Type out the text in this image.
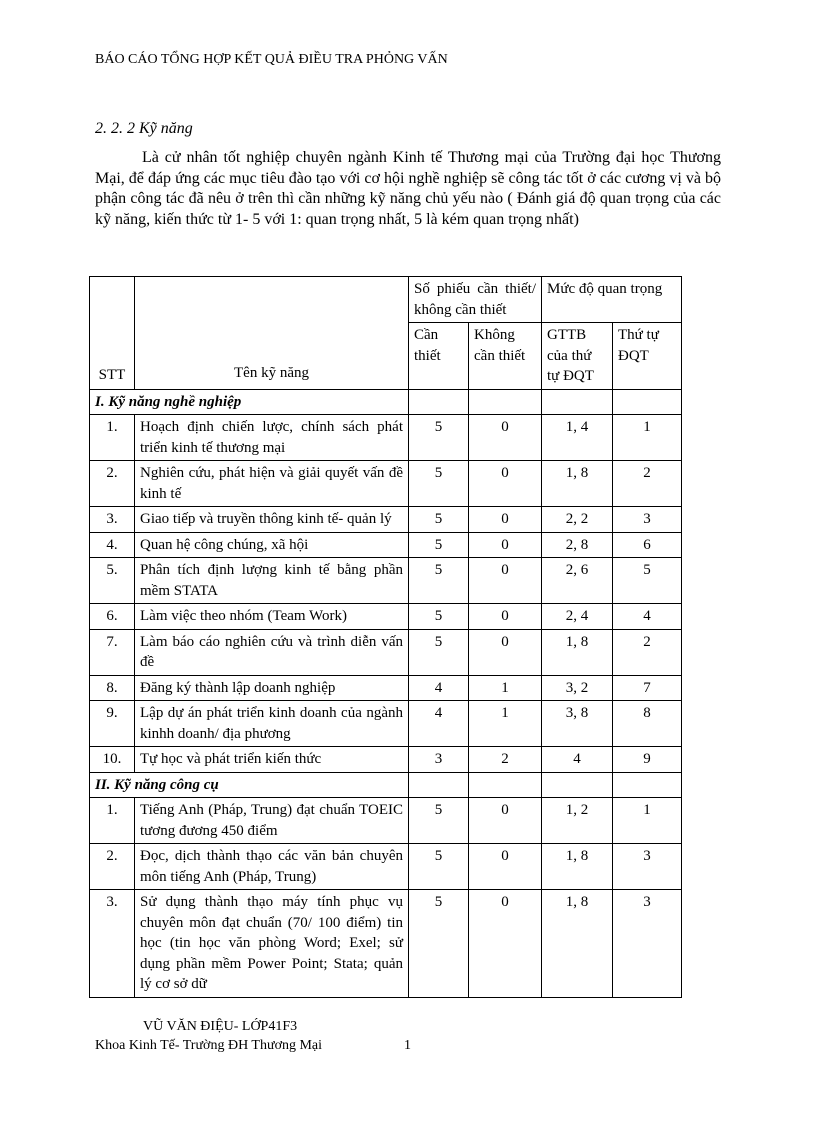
BÁO CÁO TỔNG HỢP KẾT QUẢ ĐIỀU TRA PHỎNG VẤN
2. 2. 2 Kỹ năng

Là cử nhân tốt nghiệp chuyên ngành Kinh tế Thương mại của Trường đại học Thương Mại, để đáp ứng các mục tiêu đào tạo với cơ hội nghề nghiệp sẽ công tác tốt ở các cương vị và bộ phận công tác đã nêu ở trên thì cần những kỹ năng chủ yếu nào ( Đánh giá độ quan trọng của các kỹ năng, kiến thức từ 1- 5 với 1: quan trọng nhất, 5 là kém quan trọng nhất)

STT	Tên kỹ năng	Số phiếu cần thiết/ không cần thiết		Mức độ quan trọng	
		Cần thiết	Không cần thiết	GTTB của thứ tự ĐQT	Thứ tự ĐQT
I. Kỹ năng nghề nghiệp					
1.	Hoạch định chiến lược, chính sách phát triển kinh tế thương mại	5	0	1, 4	1
2.	Nghiên cứu, phát hiện và giải quyết vấn đề kinh tế	5	0	1, 8	2
3.	Giao tiếp và truyền thông kinh tế- quản lý	5	0	2, 2	3
4.	Quan hệ công chúng, xã hội	5	0	2, 8	6
5.	Phân tích định lượng kinh tế bằng phần mềm STATA	5	0	2, 6	5
6.	Làm việc theo nhóm (Team Work)	5	0	2, 4	4
7.	Làm báo cáo nghiên cứu và trình diễn vấn đề	5	0	1, 8	2
8.	Đăng ký thành lập doanh nghiệp	4	1	3, 2	7
9.	Lập dự án phát triển kinh doanh của ngành kinhh doanh/ địa phương	4	1	3, 8	8
10.	Tự học và phát triển kiến thức	3	2	4	9
II. Kỹ năng công cụ					
1.	Tiếng Anh (Pháp, Trung) đạt chuẩn TOEIC tương đương 450 điểm	5	0	1, 2	1
2.	Đọc, dịch thành thạo các văn bản chuyên môn tiếng Anh (Pháp, Trung)	5	0	1, 8	3
3.	Sử dụng thành thạo máy tính phục vụ chuyên môn đạt chuẩn (70/ 100 điểm) tin học (tin học văn phòng Word; Exel; sử dụng phần mềm Power Point; Stata; quản lý cơ sở dữ	5	0	1, 8	3
VŨ VĂN ĐIỆU- LỚP41F3
Khoa Kinh Tế- Trường ĐH Thương Mại	1
